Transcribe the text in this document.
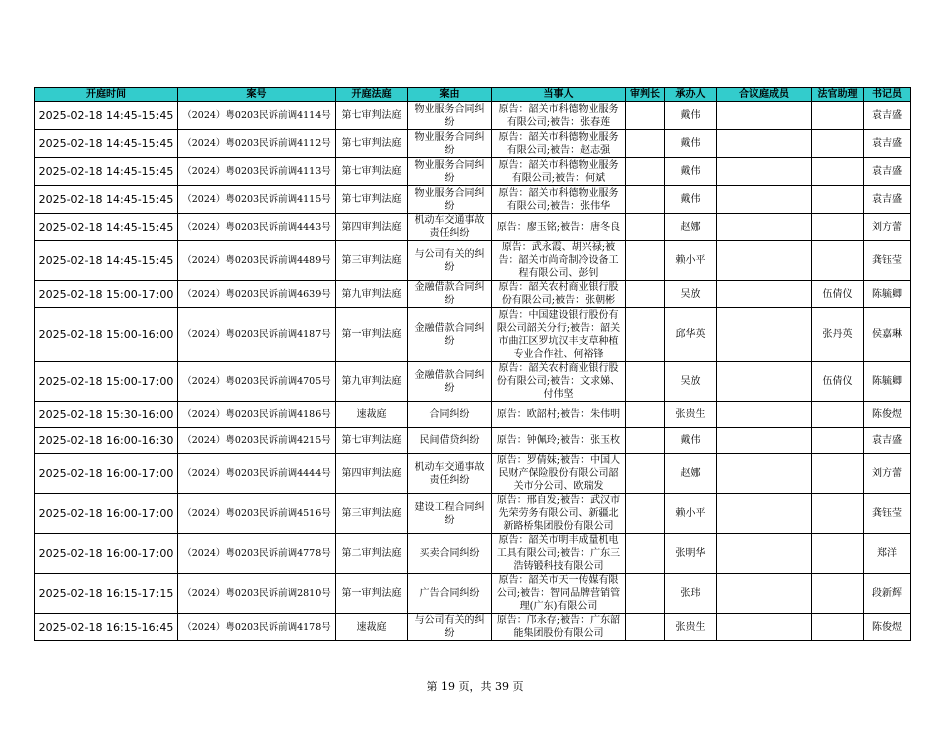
开庭时间	案号	开庭法庭	案由	当事人	审判长	承办人	合议庭成员	法官助理	书记员
2025-02-18 14:45-15:45	（2024）粤0203民诉前调4114号	第七审判法庭	物业服务合同纠纷	原告：韶关市科德物业服务有限公司;被告：张春莲		戴伟			袁吉盛
2025-02-18 14:45-15:45	（2024）粤0203民诉前调4112号	第七审判法庭	物业服务合同纠纷	原告：韶关市科德物业服务有限公司;被告：赵志强		戴伟			袁吉盛
2025-02-18 14:45-15:45	（2024）粤0203民诉前调4113号	第七审判法庭	物业服务合同纠纷	原告：韶关市科德物业服务有限公司;被告：何斌		戴伟			袁吉盛
2025-02-18 14:45-15:45	（2024）粤0203民诉前调4115号	第七审判法庭	物业服务合同纠纷	原告：韶关市科德物业服务有限公司;被告：张伟华		戴伟			袁吉盛
2025-02-18 14:45-15:45	（2024）粤0203民诉前调4443号	第四审判法庭	机动车交通事故责任纠纷	原告：廖玉铭;被告：唐冬良		赵娜			刘方蕾
2025-02-18 14:45-15:45	（2024）粤0203民诉前调4489号	第三审判法庭	与公司有关的纠纷	原告：武永霞、胡兴禄;被告：韶关市尚奇制冷设备工程有限公司、彭钊		赖小平			龚钰莹
2025-02-18 15:00-17:00	（2024）粤0203民诉前调4639号	第九审判法庭	金融借款合同纠纷	原告：韶关农村商业银行股份有限公司;被告：张朝彬		吴放		伍倩仪	陈毓卿
2025-02-18 15:00-16:00	（2024）粤0203民诉前调4187号	第一审判法庭	金融借款合同纠纷	原告：中国建设银行股份有限公司韶关分行;被告：韶关市曲江区罗坑汉丰支草种植专业合作社、何裕锋		邱华英		张丹英	侯嘉琳
2025-02-18 15:00-17:00	（2024）粤0203民诉前调4705号	第九审判法庭	金融借款合同纠纷	原告：韶关农村商业银行股份有限公司;被告：文求娣、付伟坚		吴放		伍倩仪	陈毓卿
2025-02-18 15:30-16:00	（2024）粤0203民诉前调4186号	速裁庭	合同纠纷	原告：欧韶村;被告：朱伟明		张贵生			陈俊煜
2025-02-18 16:00-16:30	（2024）粤0203民诉前调4215号	第七审判法庭	民间借贷纠纷	原告：钟佩玲;被告：张玉枚		戴伟			袁吉盛
2025-02-18 16:00-17:00	（2024）粤0203民诉前调4444号	第四审判法庭	机动车交通事故责任纠纷	原告：罗倩妹;被告：中国人民财产保险股份有限公司韶关市分公司、欧瑞发		赵娜			刘方蕾
2025-02-18 16:00-17:00	（2024）粤0203民诉前调4516号	第三审判法庭	建设工程合同纠纷	原告：邢自发;被告：武汉市先荣劳务有限公司、新疆北新路桥集团股份有限公司		赖小平			龚钰莹
2025-02-18 16:00-17:00	（2024）粤0203民诉前调4778号	第二审判法庭	买卖合同纠纷	原告：韶关市明丰成量机电工具有限公司;被告：广东三浩铸锻科技有限公司		张明华			郑洋
2025-02-18 16:15-17:15	（2024）粤0203民诉前调2810号	第一审判法庭	广告合同纠纷	原告：韶关市天一传媒有限公司;被告：智同品牌营销管理(广东)有限公司		张玮			段新辉
2025-02-18 16:15-16:45	（2024）粤0203民诉前调4178号	速裁庭	与公司有关的纠纷	原告：邝永存;被告：广东韶能集团股份有限公司		张贵生			陈俊煜
第 19 页，共 39 页
